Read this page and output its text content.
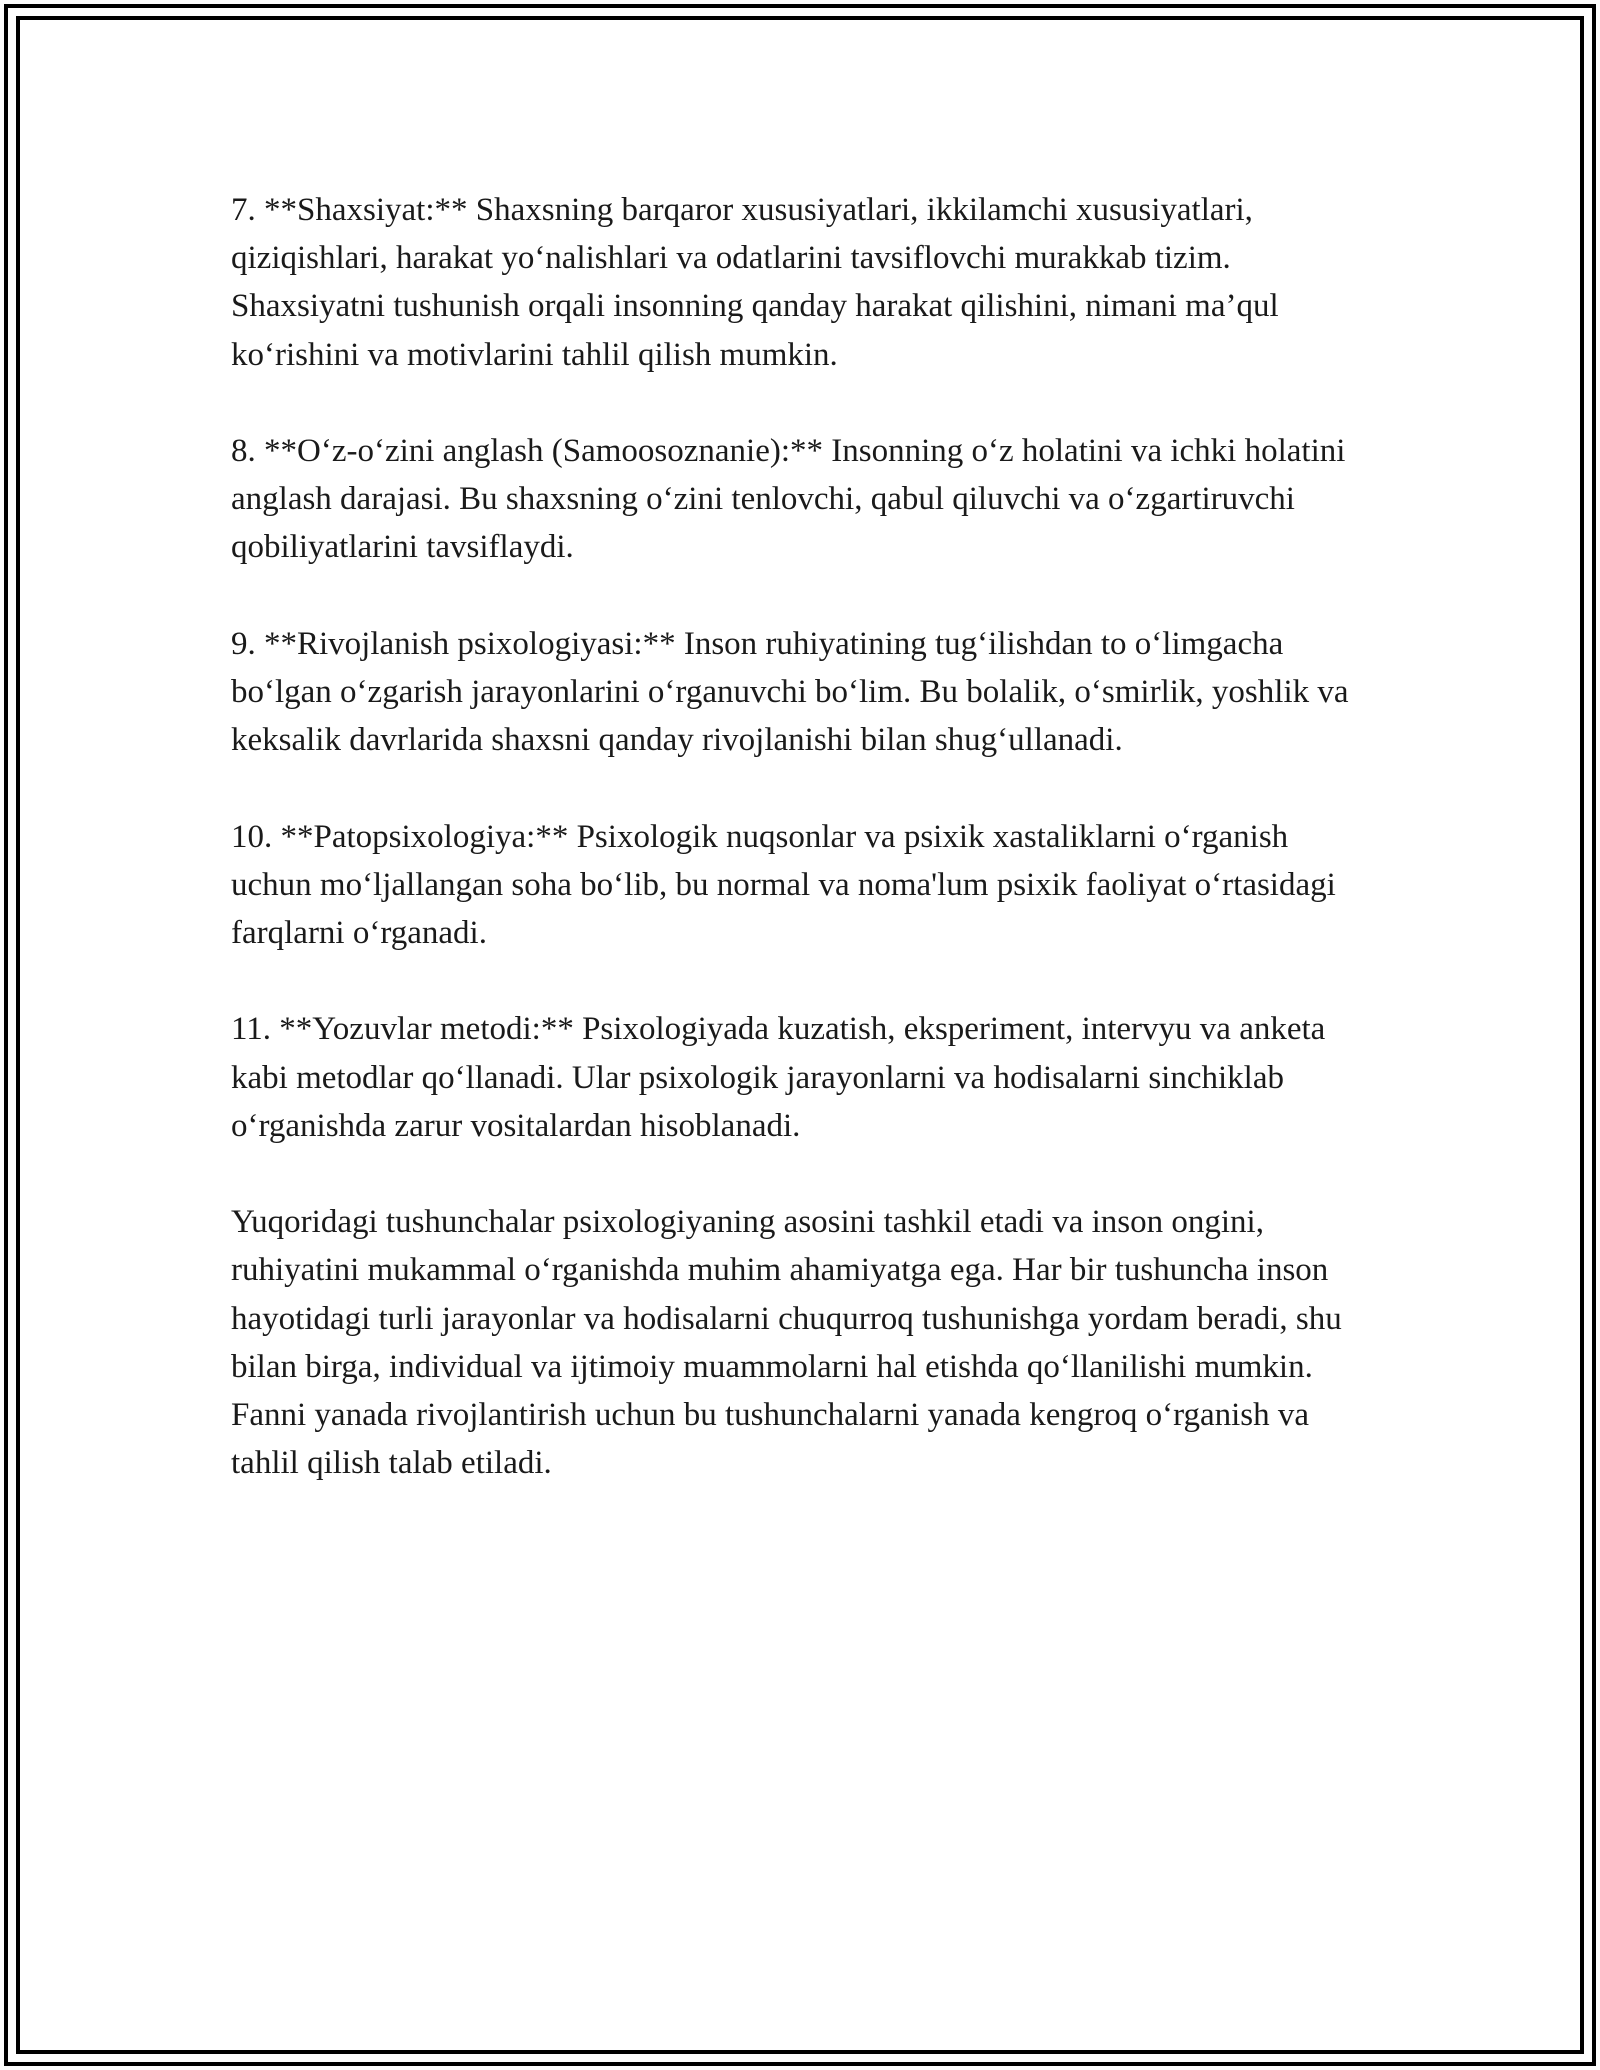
7. **Shaxsiyat:** Shaxsning barqaror xususiyatlari, ikkilamchi xususiyatlari, qiziqishlari, harakat yo‘nalishlari va odatlarini tavsiflovchi murakkab tizim. Shaxsiyatni tushunish orqali insonning qanday harakat qilishini, nimani ma’qul ko‘rishini va motivlarini tahlil qilish mumkin.

8. **O‘z-o‘zini anglash (Samoosoznanie):** Insonning o‘z holatini va ichki holatini anglash darajasi. Bu shaxsning o‘zini tenlovchi, qabul qiluvchi va o‘zgartiruvchi qobiliyatlarini tavsiflaydi.

9. **Rivojlanish psixologiyasi:** Inson ruhiyatining tug‘ilishdan to o‘limgacha bo‘lgan o‘zgarish jarayonlarini o‘rganuvchi bo‘lim. Bu bolalik, o‘smirlik, yoshlik va keksalik davrlarida shaxsni qanday rivojlanishi bilan shug‘ullanadi.

10. **Patopsixologiya:** Psixologik nuqsonlar va psixik xastaliklarni o‘rganish uchun mo‘ljallangan soha bo‘lib, bu normal va noma'lum psixik faoliyat o‘rtasidagi farqlarni o‘rganadi.

11. **Yozuvlar metodi:** Psixologiyada kuzatish, eksperiment, intervyu va anketa kabi metodlar qo‘llanadi. Ular psixologik jarayonlarni va hodisalarni sinchiklab o‘rganishda zarur vositalardan hisoblanadi.

Yuqoridagi tushunchalar psixologiyaning asosini tashkil etadi va inson ongini, ruhiyatini mukammal o‘rganishda muhim ahamiyatga ega. Har bir tushuncha inson hayotidagi turli jarayonlar va hodisalarni chuqurroq tushunishga yordam beradi, shu bilan birga, individual va ijtimoiy muammolarni hal etishda qo‘llanilishi mumkin. Fanni yanada rivojlantirish uchun bu tushunchalarni yanada kengroq o‘rganish va tahlil qilish talab etiladi.
